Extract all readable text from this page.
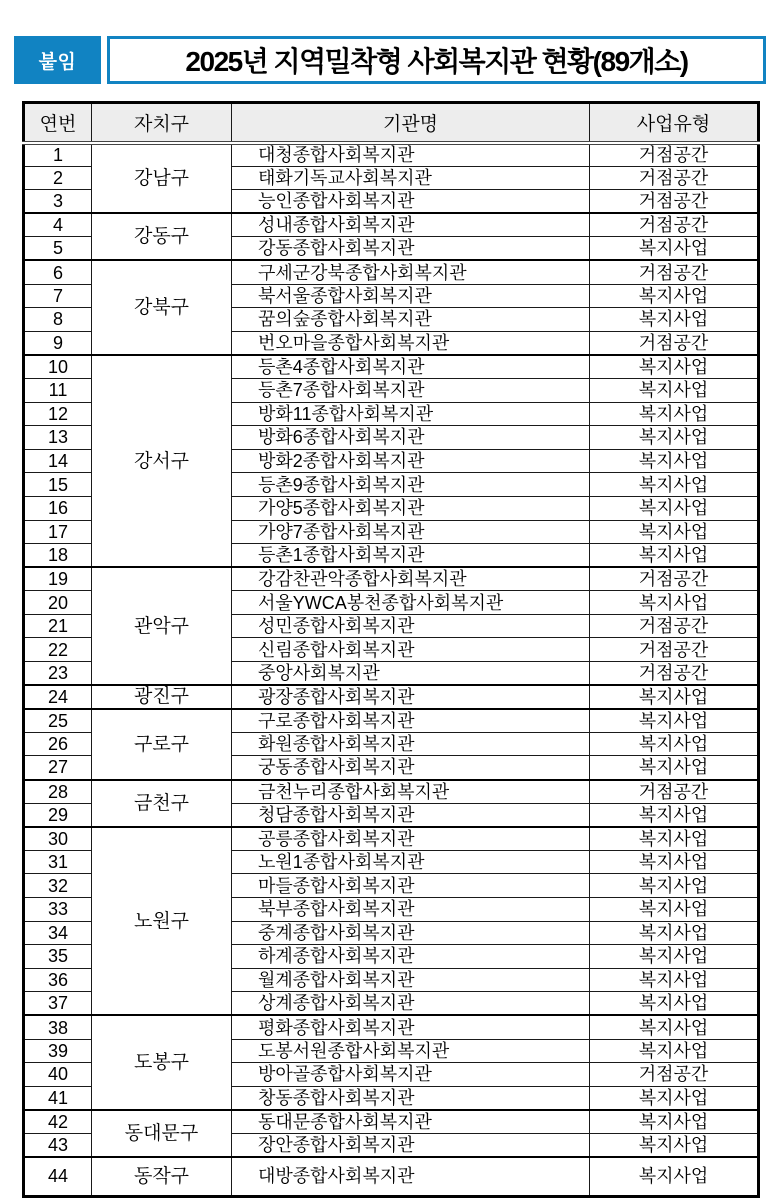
붙임	2025년 지역밀착형 사회복지관 현황(89개소)
연번	자치구	기관명	사업유형
1	강남구	대청종합사회복지관	거점공간
2		태화기독교사회복지관	거점공간
3		능인종합사회복지관	거점공간
4	강동구	성내종합사회복지관	거점공간
5		강동종합사회복지관	복지사업
6	강북구	구세군강북종합사회복지관	거점공간
7		북서울종합사회복지관	복지사업
8		꿈의숲종합사회복지관	복지사업
9		번오마을종합사회복지관	거점공간
10	강서구	등촌4종합사회복지관	복지사업
11		등촌7종합사회복지관	복지사업
12		방화11종합사회복지관	복지사업
13		방화6종합사회복지관	복지사업
14		방화2종합사회복지관	복지사업
15		등촌9종합사회복지관	복지사업
16		가양5종합사회복지관	복지사업
17		가양7종합사회복지관	복지사업
18		등촌1종합사회복지관	복지사업
19	관악구	강감찬관악종합사회복지관	거점공간
20		서울YWCA봉천종합사회복지관	복지사업
21		성민종합사회복지관	거점공간
22		신림종합사회복지관	거점공간
23		중앙사회복지관	거점공간
24	광진구	광장종합사회복지관	복지사업
25	구로구	구로종합사회복지관	복지사업
26		화원종합사회복지관	복지사업
27		궁동종합사회복지관	복지사업
28	금천구	금천누리종합사회복지관	거점공간
29		청담종합사회복지관	복지사업
30	노원구	공릉종합사회복지관	복지사업
31		노원1종합사회복지관	복지사업
32		마들종합사회복지관	복지사업
33		북부종합사회복지관	복지사업
34		중계종합사회복지관	복지사업
35		하계종합사회복지관	복지사업
36		월계종합사회복지관	복지사업
37		상계종합사회복지관	복지사업
38	도봉구	평화종합사회복지관	복지사업
39		도봉서원종합사회복지관	복지사업
40		방아골종합사회복지관	거점공간
41		창동종합사회복지관	복지사업
42	동대문구	동대문종합사회복지관	복지사업
43		장안종합사회복지관	복지사업
44	동작구	대방종합사회복지관	복지사업
